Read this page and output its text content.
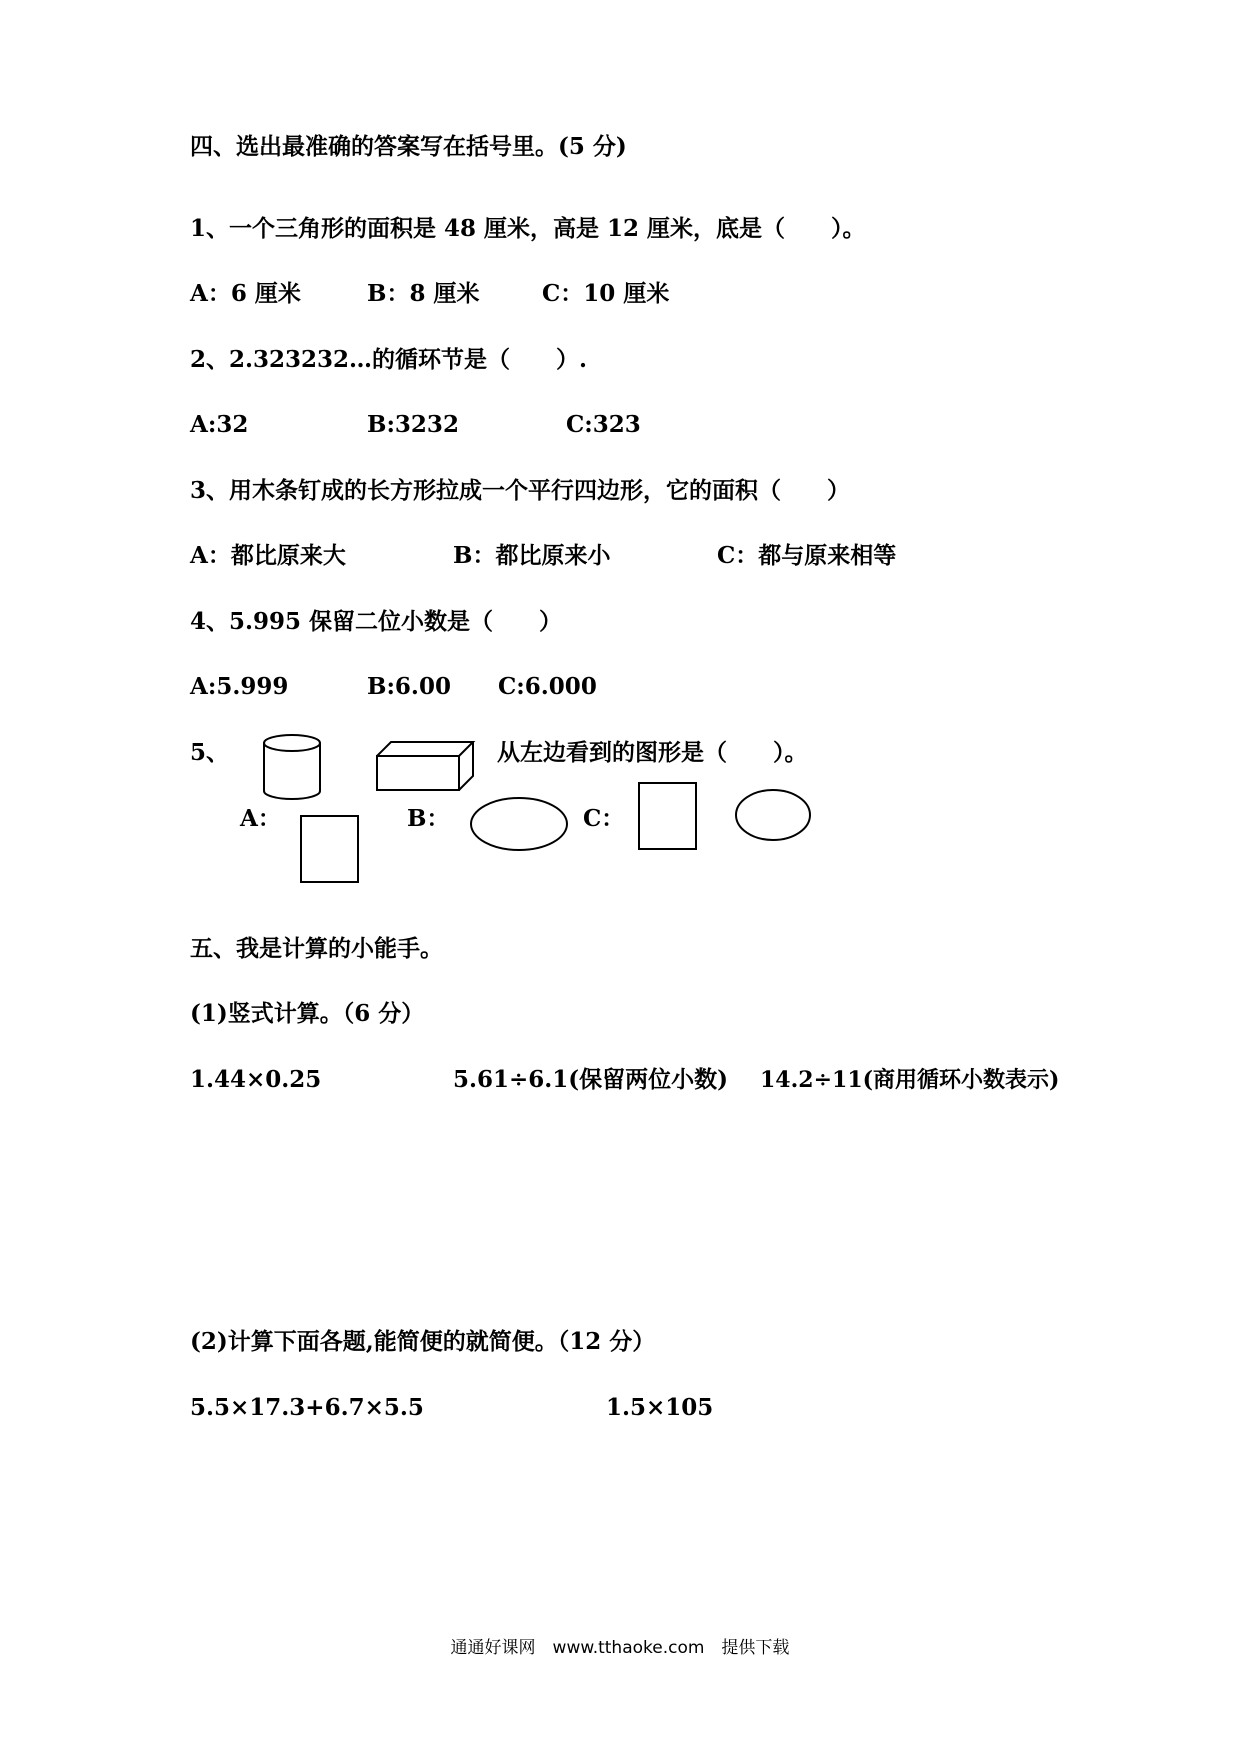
四、选出最准确的答案写在括号里。(5 分)
1、一个三角形的面积是 48 厘米，高是 12 厘米，底是（　　）。
A：6 厘米	B：8 厘米	C：10 厘米
2、2.323232…的循环节是（　　）.
A:32	B:3232	C:323
3、用木条钉成的长方形拉成一个平行四边形，它的面积（　　）
A：都比原来大	B：都比原来小	C：都与原来相等
4、5.995 保留二位小数是（　　）
A:5.999	B:6.00 C:6.000
5、	从左边看到的图形是（　　）。
A：	B：	C：
五、我是计算的小能手。
(1)竖式计算。（6 分）
1.44×0.25	5.61÷6.1(保留两位小数) 14.2÷11(商用循环小数表示)
(2)计算下面各题,能简便的就简便。（12 分）
5.5×17.3+6.7×5.5	1.5×105
通通好课网　www.tthaoke.com　提供下载
